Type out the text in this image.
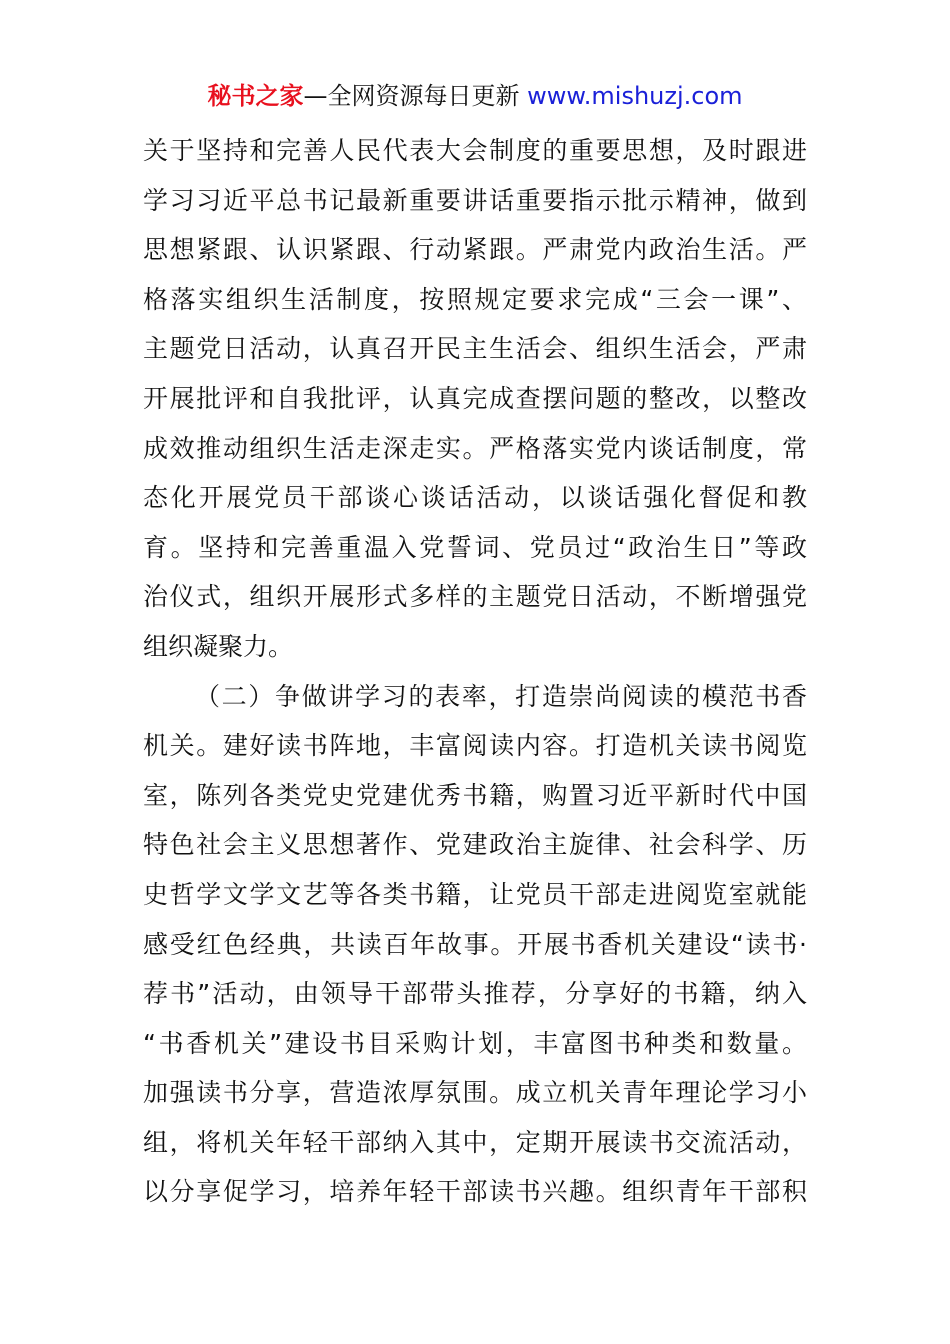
秘书之家—全网资源每日更新 www.mishuzj.com
关于坚持和完善人民代表大会制度的重要思想，及时跟进
学习习近平总书记最新重要讲话重要指示批示精神，做到
思想紧跟、认识紧跟、行动紧跟。严肃党内政治生活。严
格落实组织生活制度，按照规定要求完成“三会一课”、
主题党日活动，认真召开民主生活会、组织生活会，严肃
开展批评和自我批评，认真完成查摆问题的整改，以整改
成效推动组织生活走深走实。严格落实党内谈话制度，常
态化开展党员干部谈心谈话活动，以谈话强化督促和教
育。坚持和完善重温入党誓词、党员过“政治生日”等政
治仪式，组织开展形式多样的主题党日活动，不断增强党
组织凝聚力。
（二）争做讲学习的表率，打造崇尚阅读的模范书香
机关。建好读书阵地，丰富阅读内容。打造机关读书阅览
室，陈列各类党史党建优秀书籍，购置习近平新时代中国
特色社会主义思想著作、党建政治主旋律、社会科学、历
史哲学文学文艺等各类书籍，让党员干部走进阅览室就能
感受红色经典，共读百年故事。开展书香机关建设“读书·
荐书”活动，由领导干部带头推荐，分享好的书籍，纳入
“书香机关”建设书目采购计划，丰富图书种类和数量。
加强读书分享，营造浓厚氛围。成立机关青年理论学习小
组，将机关年轻干部纳入其中，定期开展读书交流活动，
以分享促学习，培养年轻干部读书兴趣。组织青年干部积
